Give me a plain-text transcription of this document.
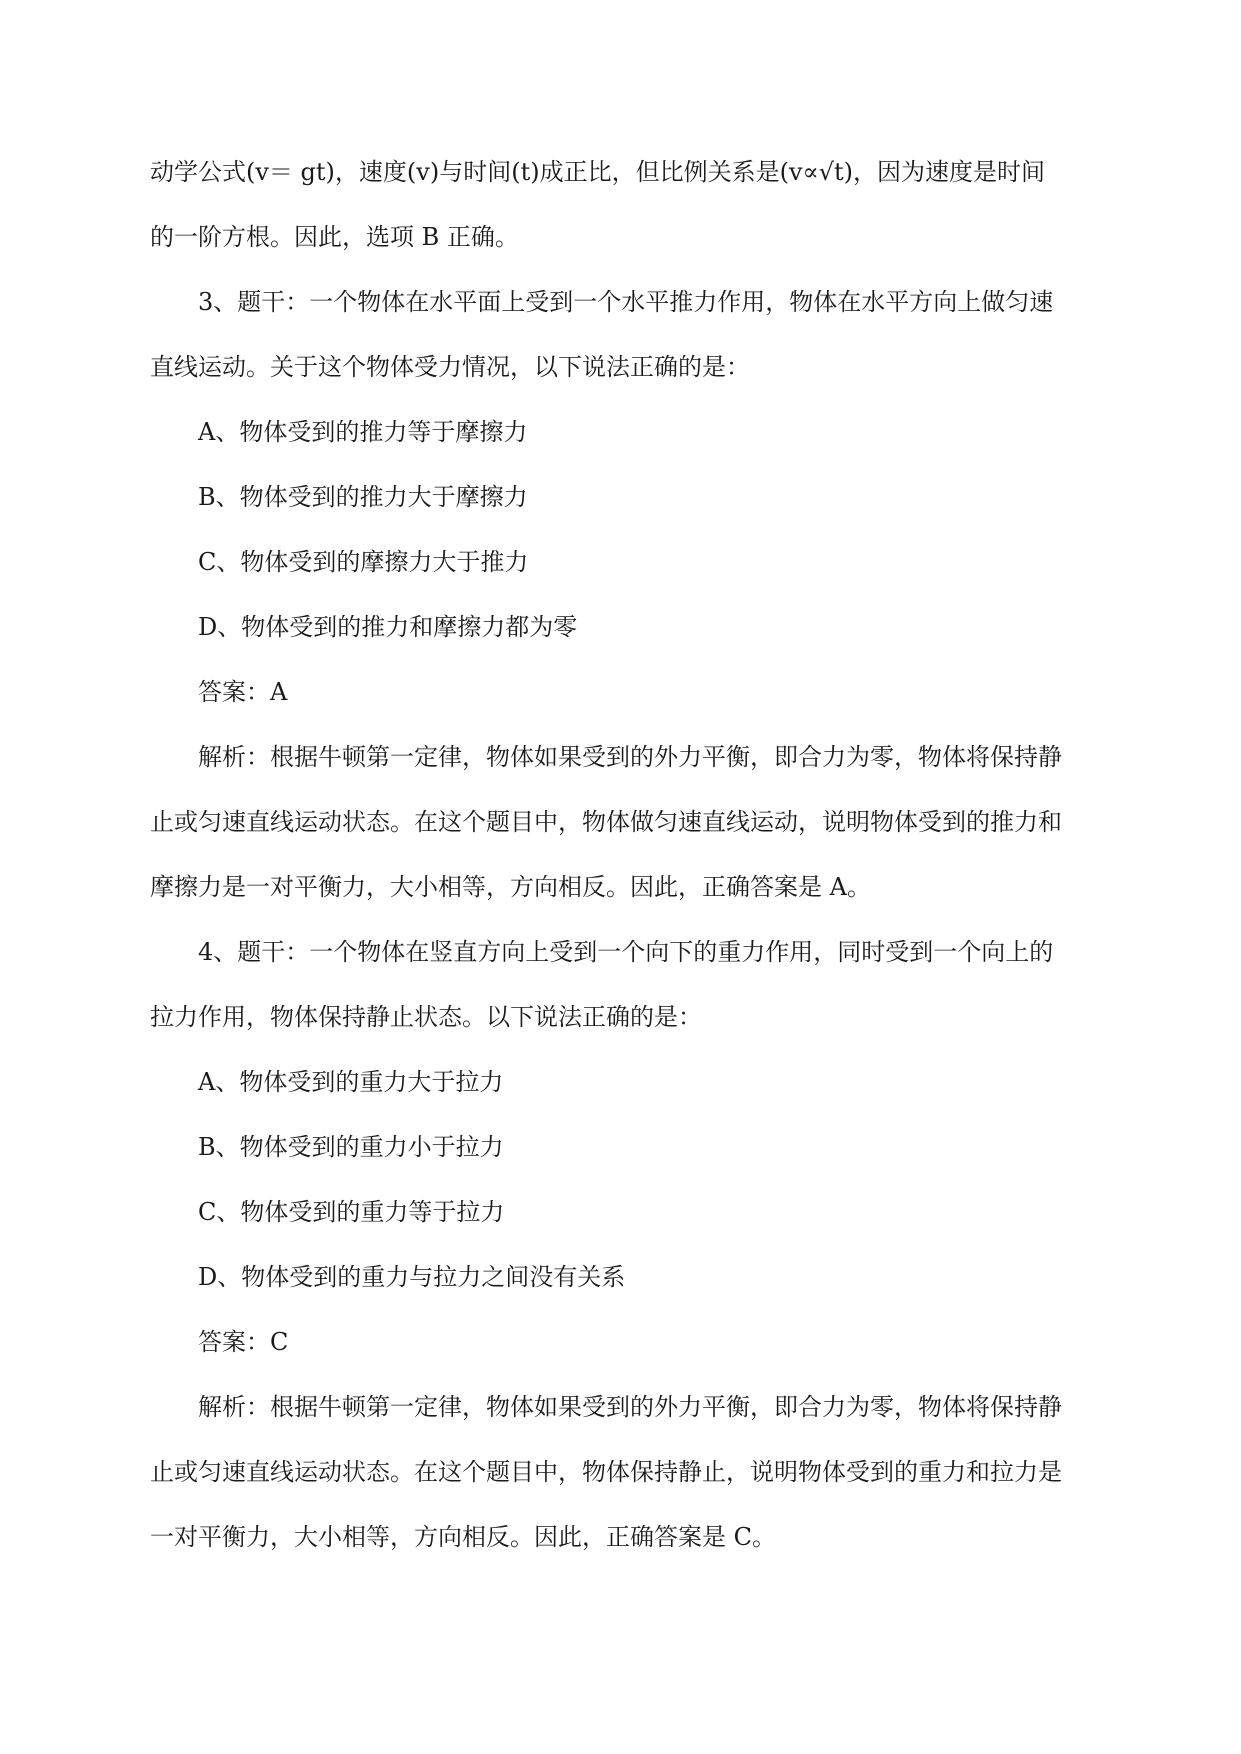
动学公式(v＝ gt)，速度(v)与时间(t)成正比，但比例关系是(v∝√t)，因为速度是时间
的一阶方根。因此，选项 B 正确。
3、题干：一个物体在水平面上受到一个水平推力作用，物体在水平方向上做匀速
直线运动。关于这个物体受力情况，以下说法正确的是：
A、物体受到的推力等于摩擦力
B、物体受到的推力大于摩擦力
C、物体受到的摩擦力大于推力
D、物体受到的推力和摩擦力都为零
答案：A
解析：根据牛顿第一定律，物体如果受到的外力平衡，即合力为零，物体将保持静
止或匀速直线运动状态。在这个题目中，物体做匀速直线运动，说明物体受到的推力和
摩擦力是一对平衡力，大小相等，方向相反。因此，正确答案是 A。
4、题干：一个物体在竖直方向上受到一个向下的重力作用，同时受到一个向上的
拉力作用，物体保持静止状态。以下说法正确的是：
A、物体受到的重力大于拉力
B、物体受到的重力小于拉力
C、物体受到的重力等于拉力
D、物体受到的重力与拉力之间没有关系
答案：C
解析：根据牛顿第一定律，物体如果受到的外力平衡，即合力为零，物体将保持静
止或匀速直线运动状态。在这个题目中，物体保持静止，说明物体受到的重力和拉力是
一对平衡力，大小相等，方向相反。因此，正确答案是 C。
